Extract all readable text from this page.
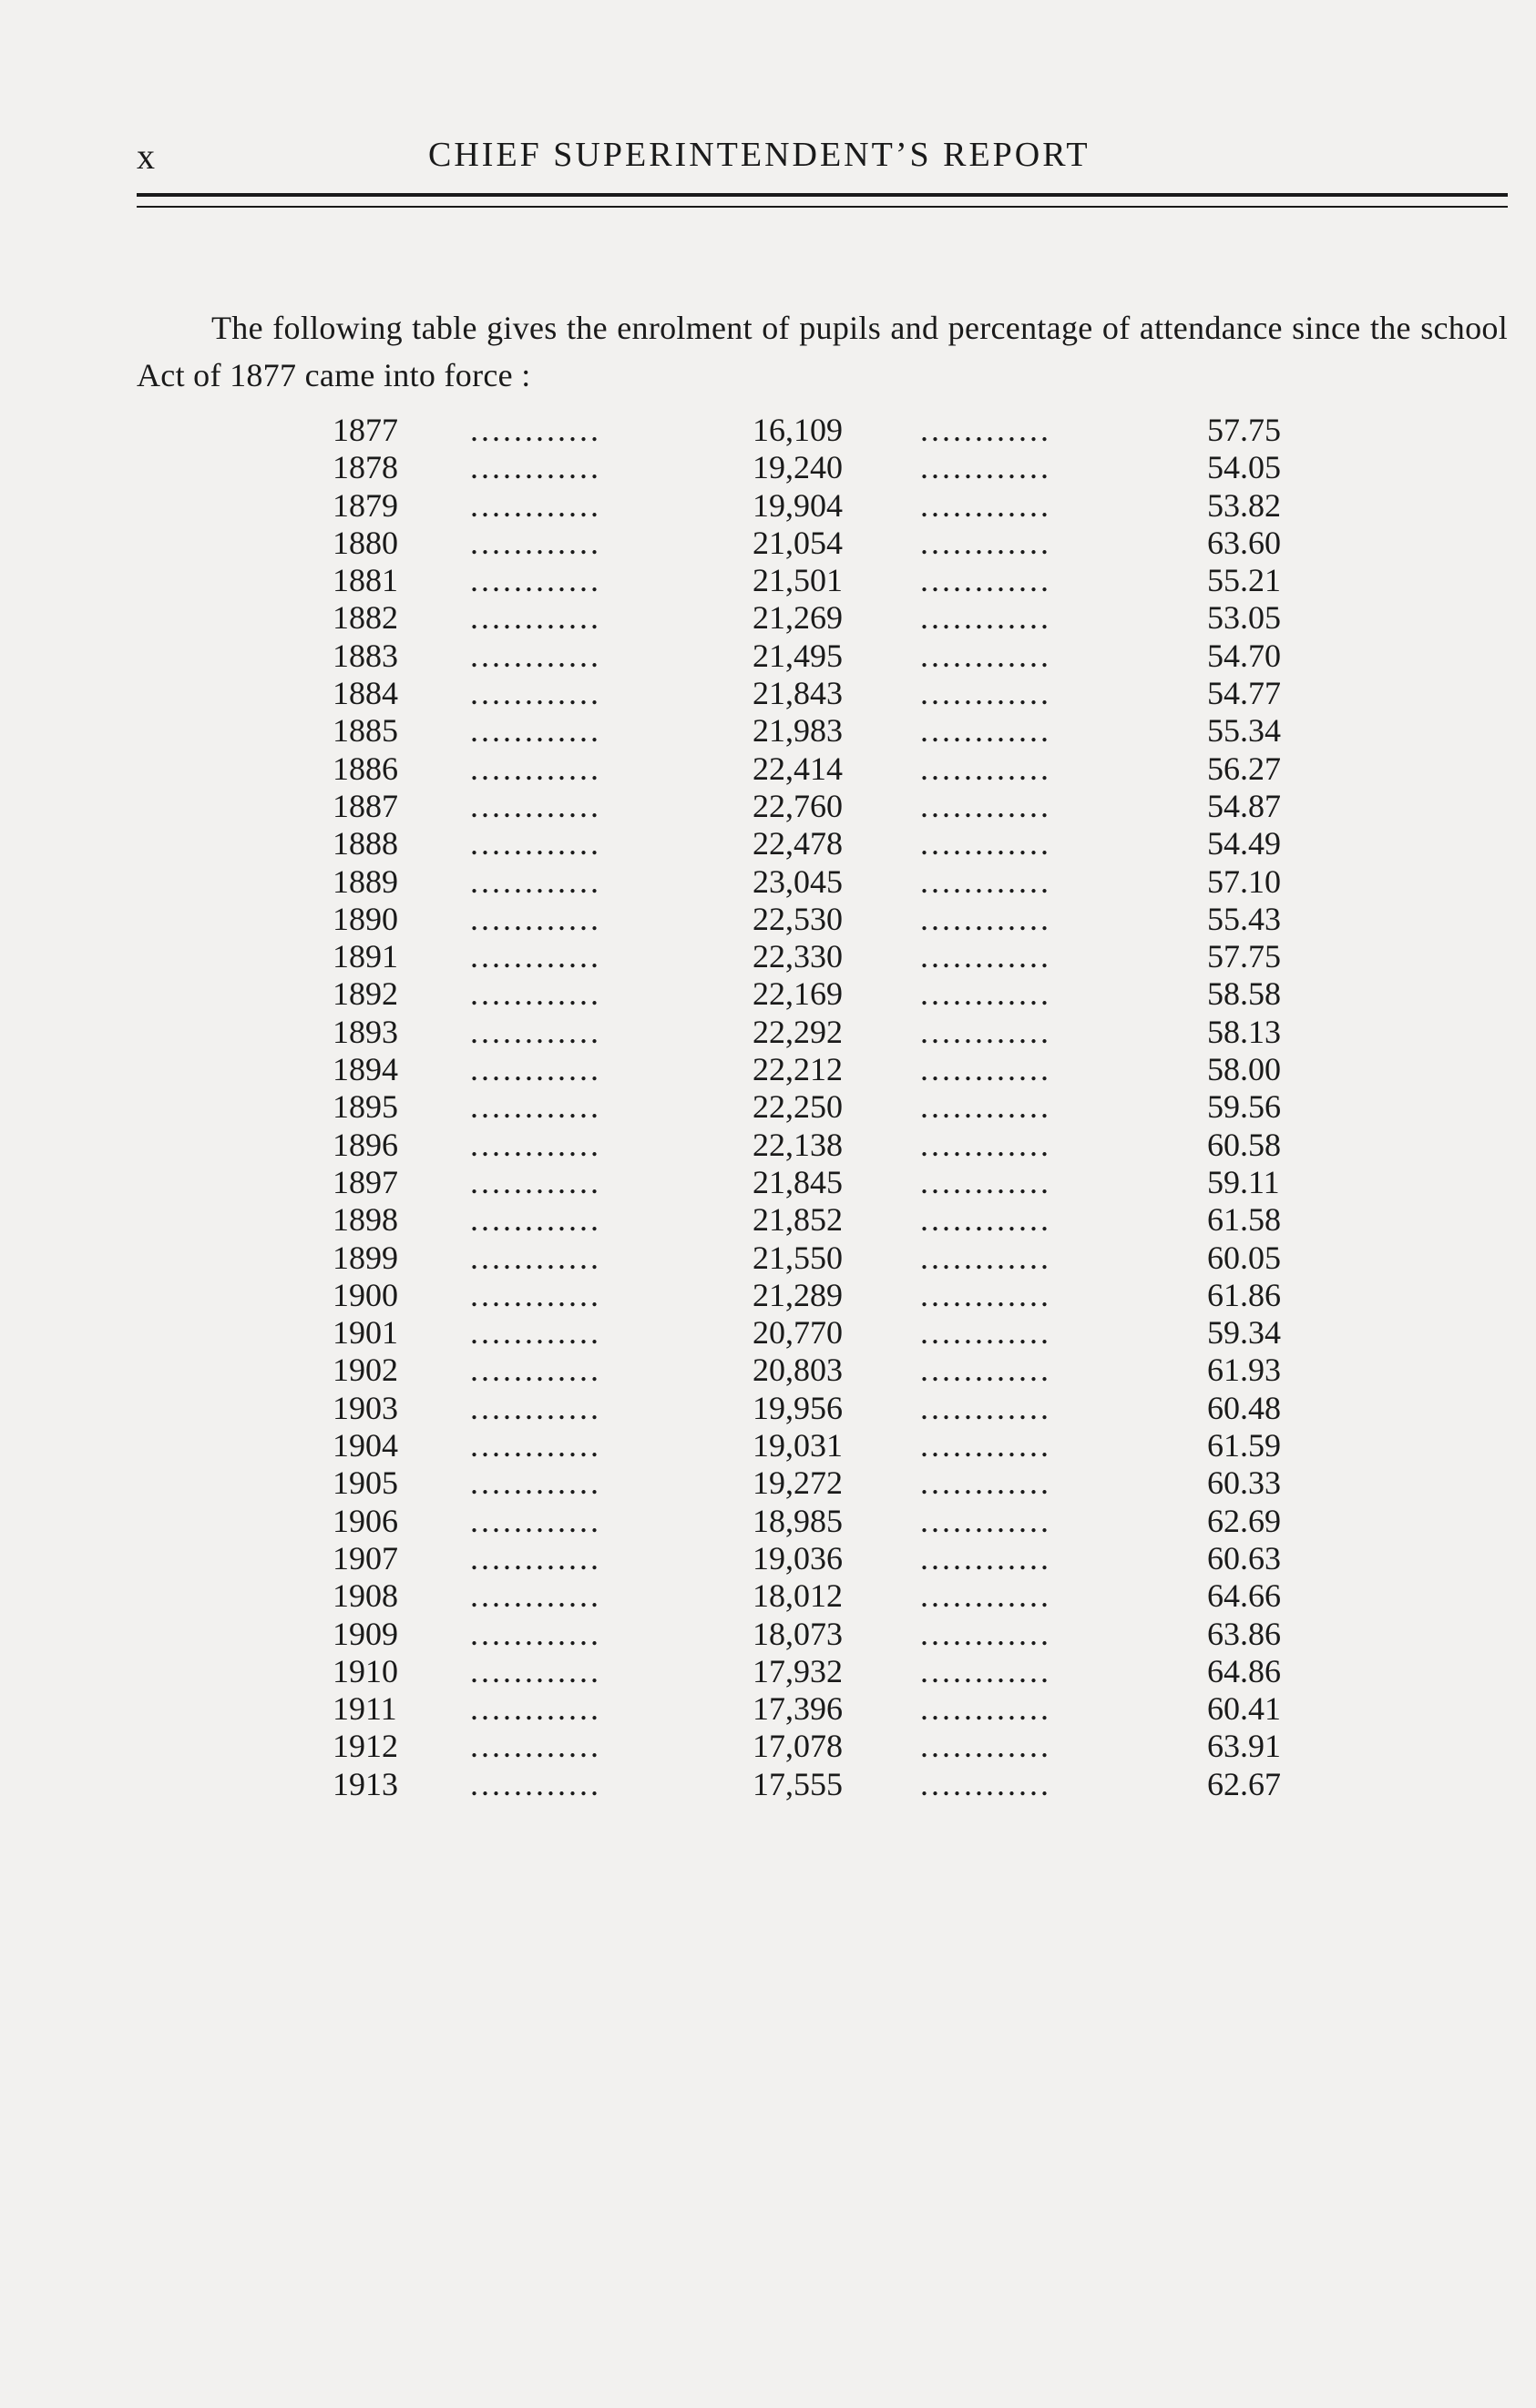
x	CHIEF SUPERINTENDENT’S REPORT

The following table gives the enrolment of pupils and percentage of attendance since the school Act of 1877 came into force :

1877 ............	16,109 ............	57.75
1878 ............	19,240 ............	54.05
1879 ............	19,904 ............	53.82
1880 ............	21,054 ............	63.60
1881 ............	21,501 ............	55.21
1882 ............	21,269 ............	53.05
1883 ............	21,495 ............	54.70
1884 ............	21,843 ............	54.77
1885 ............	21,983 ............	55.34
1886 ............	22,414 ............	56.27
1887 ............	22,760 ............	54.87
1888 ............	22,478 ............	54.49
1889 ............	23,045 ............	57.10
1890 ............	22,530 ............	55.43
1891 ............	22,330 ............	57.75
1892 ............	22,169 ............	58.58
1893 ............	22,292 ............	58.13
1894 ............	22,212 ............	58.00
1895 ............	22,250 ............	59.56
1896 ............	22,138 ............	60.58
1897 ............	21,845 ............	59.11
1898 ............	21,852 ............	61.58
1899 ............	21,550 ............	60.05
1900 ............	21,289 ............	61.86
1901 ............	20,770 ............	59.34
1902 ............	20,803 ............	61.93
1903 ............	19,956 ............	60.48
1904 ............	19,031 ............	61.59
1905 ............	19,272 ............	60.33
1906 ............	18,985 ............	62.69
1907 ............	19,036 ............	60.63
1908 ............	18,012 ............	64.66
1909 ............	18,073 ............	63.86
1910 ............	17,932 ............	64.86
1911 ............	17,396 ............	60.41
1912 ............	17,078 ............	63.91
1913 ............	17,555 ............	62.67
